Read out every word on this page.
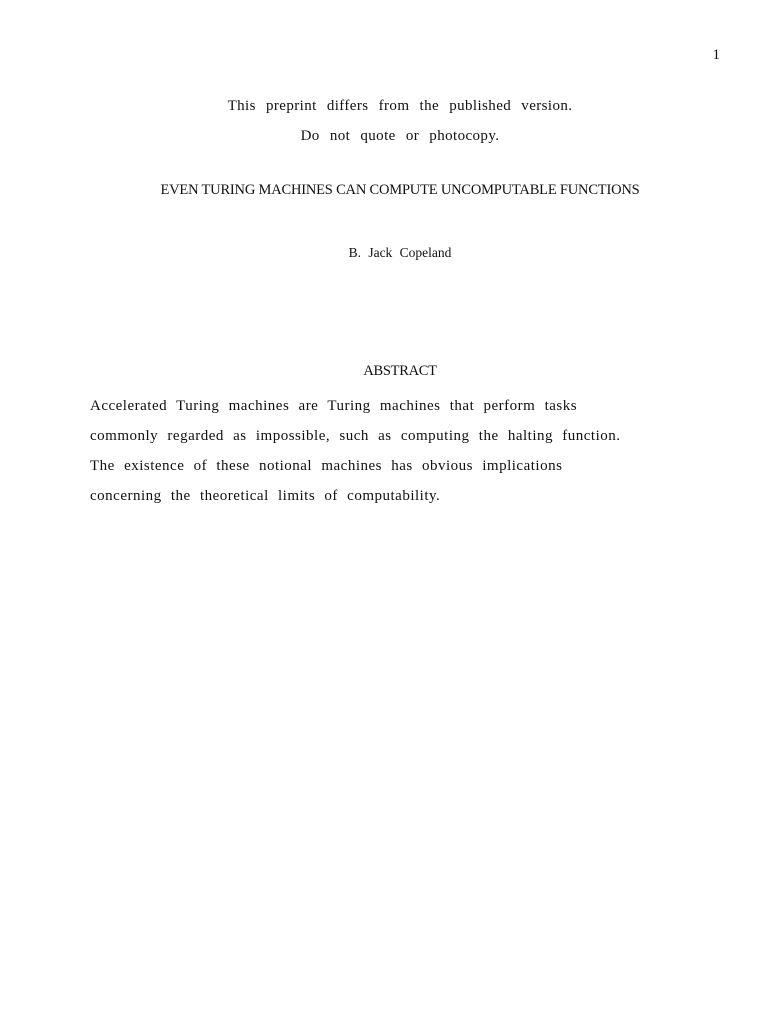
1
This preprint differs from the published version.
Do not quote or photocopy.
EVEN TURING MACHINES CAN COMPUTE UNCOMPUTABLE FUNCTIONS
B. Jack Copeland
ABSTRACT
Accelerated Turing machines are Turing machines that perform tasks
commonly regarded as impossible, such as computing the halting function.
The existence of these notional machines has obvious implications
concerning the theoretical limits of computability.
